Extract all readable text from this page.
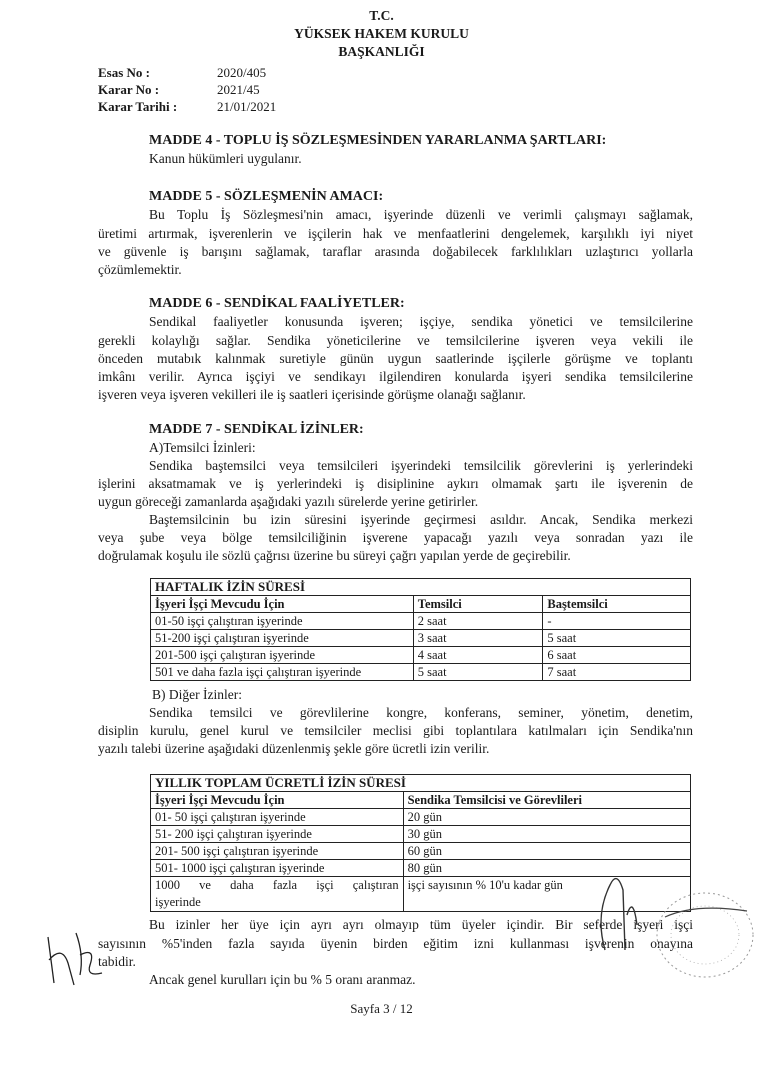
T.C.
YÜKSEK HAKEM KURULU
BAŞKANLIĞI
Esas No :	2020/405
Karar No :	2021/45
Karar Tarihi :	21/01/2021
MADDE 4 - TOPLU İŞ SÖZLEŞMESİNDEN YARARLANMA ŞARTLARI:
Kanun hükümleri uygulanır.
MADDE 5 - SÖZLEŞMENİN AMACI:
Bu Toplu İş Sözleşmesi'nin amacı, işyerinde düzenli ve verimli çalışmayı sağlamak,
üretimi artırmak, işverenlerin ve işçilerin hak ve menfaatlerini dengelemek, karşılıklı iyi niyet
ve güvenle iş barışını sağlamak, taraflar arasında doğabilecek farklılıkları uzlaştırıcı yollarla
çözümlemektir.
MADDE 6 - SENDİKAL FAALİYETLER:
Sendikal faaliyetler konusunda işveren; işçiye, sendika yönetici ve temsilcilerine
gerekli kolaylığı sağlar. Sendika yöneticilerine ve temsilcilerine işveren veya vekili ile
önceden mutabık kalınmak suretiyle günün uygun saatlerinde işçilerle görüşme ve toplantı
imkânı verilir. Ayrıca işçiyi ve sendikayı ilgilendiren konularda işyeri sendika temsilcilerine
işveren veya işveren vekilleri ile iş saatleri içerisinde görüşme olanağı sağlanır.
MADDE 7 - SENDİKAL İZİNLER:
A)Temsilci İzinleri:
Sendika baştemsilci veya temsilcileri işyerindeki temsilcilik görevlerini iş yerlerindeki
işlerini aksatmamak ve iş yerlerindeki iş disiplinine aykırı olmamak şartı ile işverenin de
uygun göreceği zamanlarda aşağıdaki yazılı sürelerde yerine getirirler.
Baştemsilcinin bu izin süresini işyerinde geçirmesi asıldır. Ancak, Sendika merkezi
veya şube veya bölge temsilciliğinin işverene yapacağı yazılı veya sonradan yazı ile
doğrulamak koşulu ile sözlü çağrısı üzerine bu süreyi çağrı yapılan yerde de geçirebilir.
HAFTALIK İZİN SÜRESİ		
İşyeri İşçi Mevcudu İçin	Temsilci	Baştemsilci
01-50 işçi çalıştıran işyerinde	2 saat	-
51-200 işçi çalıştıran işyerinde	3 saat	5 saat
201-500 işçi çalıştıran işyerinde	4 saat	6 saat
501 ve daha fazla işçi çalıştıran işyerinde	5 saat	7 saat
B) Diğer İzinler:
Sendika temsilci ve görevlilerine kongre, konferans, seminer, yönetim, denetim,
disiplin kurulu, genel kurul ve temsilciler meclisi gibi toplantılara katılmaları için Sendika'nın
yazılı talebi üzerine aşağıdaki düzenlenmiş şekle göre ücretli izin verilir.
YILLIK TOPLAM ÜCRETLİ İZİN SÜRESİ	
İşyeri İşçi Mevcudu İçin	Sendika Temsilcisi ve Görevlileri
01- 50 işçi çalıştıran işyerinde	20 gün
51- 200 işçi çalıştıran işyerinde	30 gün
201- 500 işçi çalıştıran işyerinde	60 gün
501- 1000 işçi çalıştıran işyerinde	80 gün

1000 ve daha fazla işçi çalıştıran
işyerinde	işçi sayısının % 10'u kadar gün
Bu izinler her üye için ayrı ayrı olmayıp tüm üyeler içindir. Bir seferde işyeri işçi
sayısının %5'inden fazla sayıda üyenin birden eğitim izni kullanması işverenin onayına
tabidir.
Ancak genel kurulları için bu % 5 oranı aranmaz.
Sayfa 3 / 12
